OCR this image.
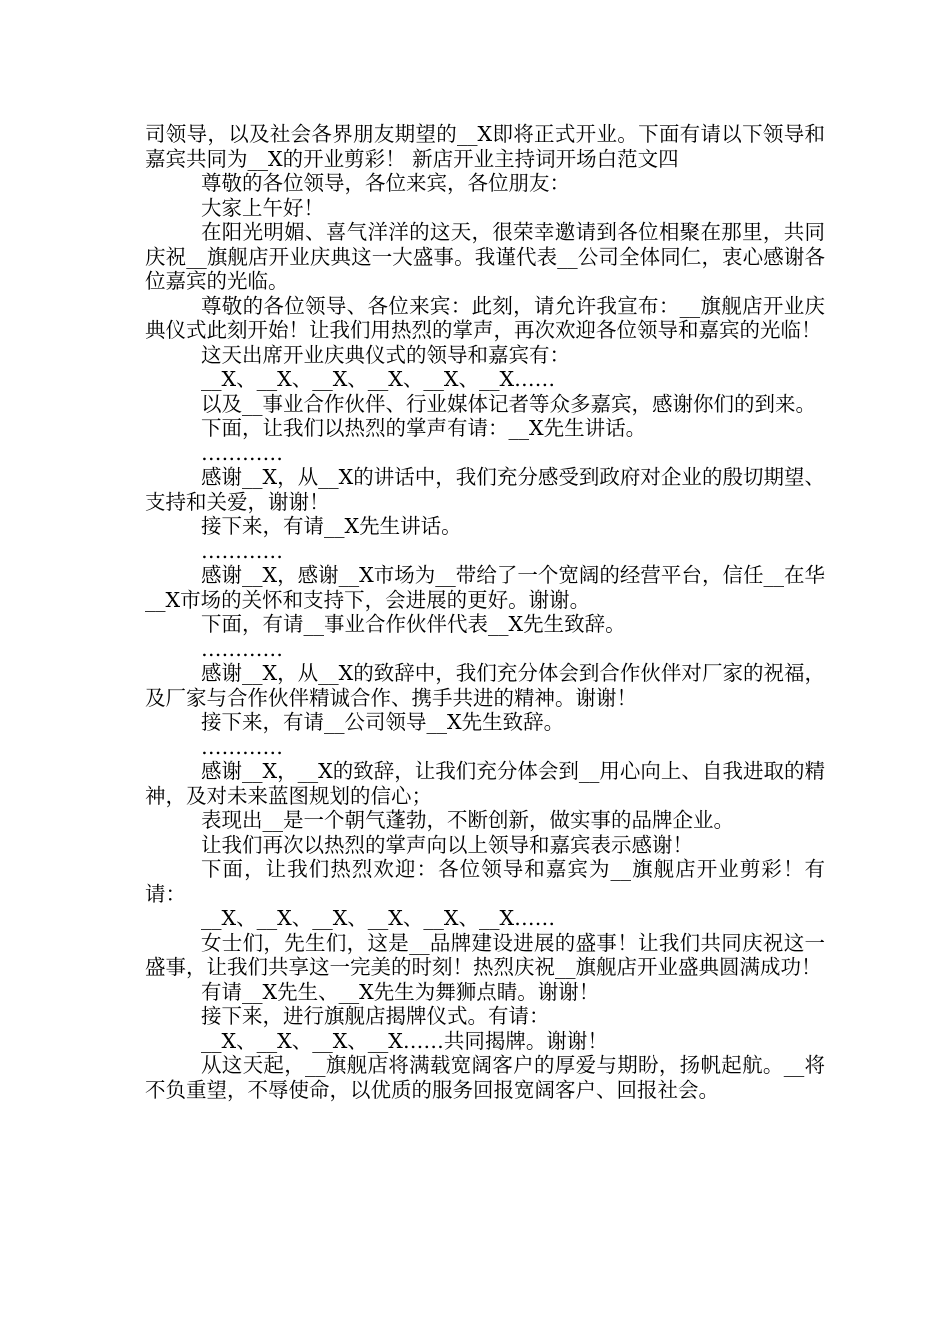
司领导，以及社会各界朋友期望的__X即将正式开业。下面有请以下领导和嘉宾共同为__X的开业剪彩！ 新店开业主持词开场白范文四

尊敬的各位领导，各位来宾，各位朋友：

大家上午好！

在阳光明媚、喜气洋洋的这天，很荣幸邀请到各位相聚在那里，共同庆祝__旗舰店开业庆典这一大盛事。我谨代表__公司全体同仁，衷心感谢各位嘉宾的光临。

尊敬的各位领导、各位来宾：此刻，请允许我宣布：__旗舰店开业庆典仪式此刻开始！让我们用热烈的掌声，再次欢迎各位领导和嘉宾的光临！

这天出席开业庆典仪式的领导和嘉宾有：

__X、__X、__X、__X、__X、__X……

以及__事业合作伙伴、行业媒体记者等众多嘉宾，感谢你们的到来。

下面，让我们以热烈的掌声有请：__X先生讲话。

…………

感谢__X，从__X的讲话中，我们充分感受到政府对企业的殷切期望、支持和关爱，谢谢！

接下来，有请__X先生讲话。

…………

感谢__X，感谢__X市场为__带给了一个宽阔的经营平台，信任__在华__X市场的关怀和支持下，会进展的更好。谢谢。

下面，有请__事业合作伙伴代表__X先生致辞。

…………

感谢__X，从__X的致辞中，我们充分体会到合作伙伴对厂家的祝福，及厂家与合作伙伴精诚合作、携手共进的精神。谢谢！

接下来，有请__公司领导__X先生致辞。

…………

感谢__X，__X的致辞，让我们充分体会到__用心向上、自我进取的精神，及对未来蓝图规划的信心；

表现出__是一个朝气蓬勃，不断创新，做实事的品牌企业。

让我们再次以热烈的掌声向以上领导和嘉宾表示感谢！

下面，让我们热烈欢迎：各位领导和嘉宾为__旗舰店开业剪彩！有请：

__X、__X、__X、__X、__X、__X……

女士们，先生们，这是__品牌建设进展的盛事！让我们共同庆祝这一盛事，让我们共享这一完美的时刻！热烈庆祝__旗舰店开业盛典圆满成功！

有请__X先生、__X先生为舞狮点睛。谢谢！

接下来，进行旗舰店揭牌仪式。有请：

__X、__X、__X、__X……共同揭牌。谢谢！

从这天起，__旗舰店将满载宽阔客户的厚爱与期盼，扬帆起航。__将不负重望，不辱使命，以优质的服务回报宽阔客户、回报社会。
